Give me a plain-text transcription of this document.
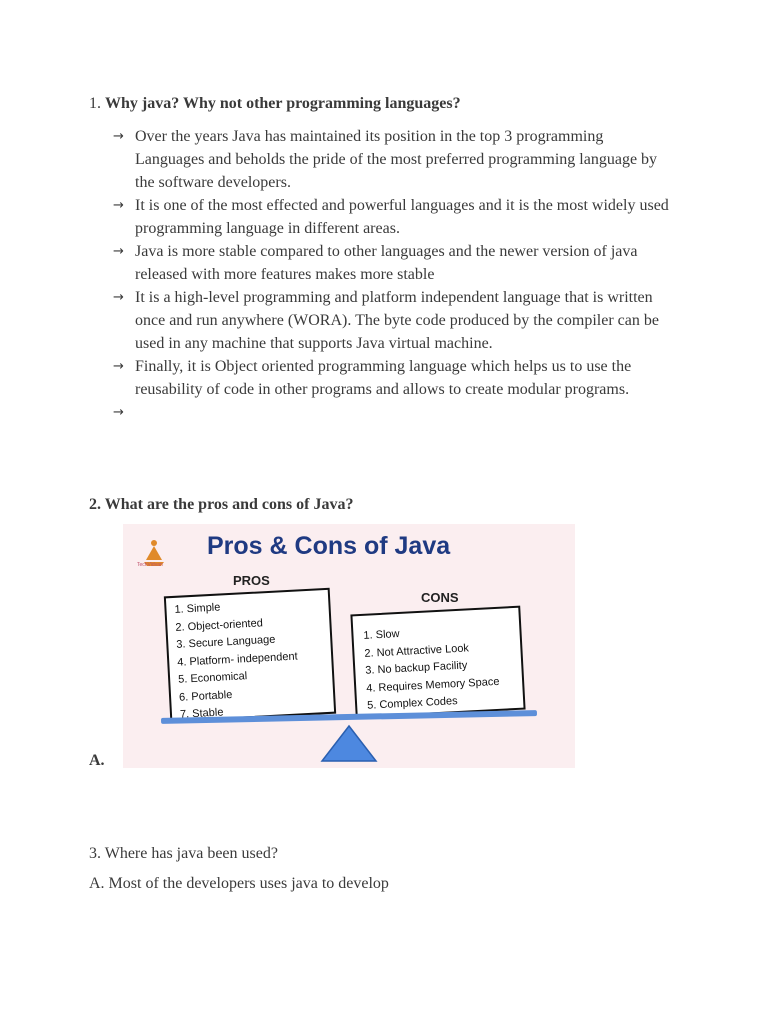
1. Why java? Why not other programming languages?
→ Over the years Java has maintained its position in the top 3 programming Languages and beholds the pride of the most preferred programming language by the software developers.
→ It is one of the most effected and powerful languages and it is the most widely used programming language in different areas.
→ Java is more stable compared to other languages and the newer version of java released with more features makes more stable
→ It is a high-level programming and platform independent language that is written once and run anywhere (WORA). The byte code produced by the compiler can be used in any machine that supports Java virtual machine.
→ Finally, it is Object oriented programming language which helps us to use the reusability of code in other programs and allows to create modular programs.
→
2. What are the pros and cons of Java?
A.
TechVidvan
Pros & Cons of Java
PROS
CONS
1. Simple
2. Object-oriented
3. Secure Language
4. Platform- independent
5. Economical
6. Portable
7. Stable
1. Slow
2. Not Attractive Look
3. No backup Facility
4. Requires Memory Space
5. Complex Codes
3. Where has java been used?
A. Most of the developers uses java to develop
